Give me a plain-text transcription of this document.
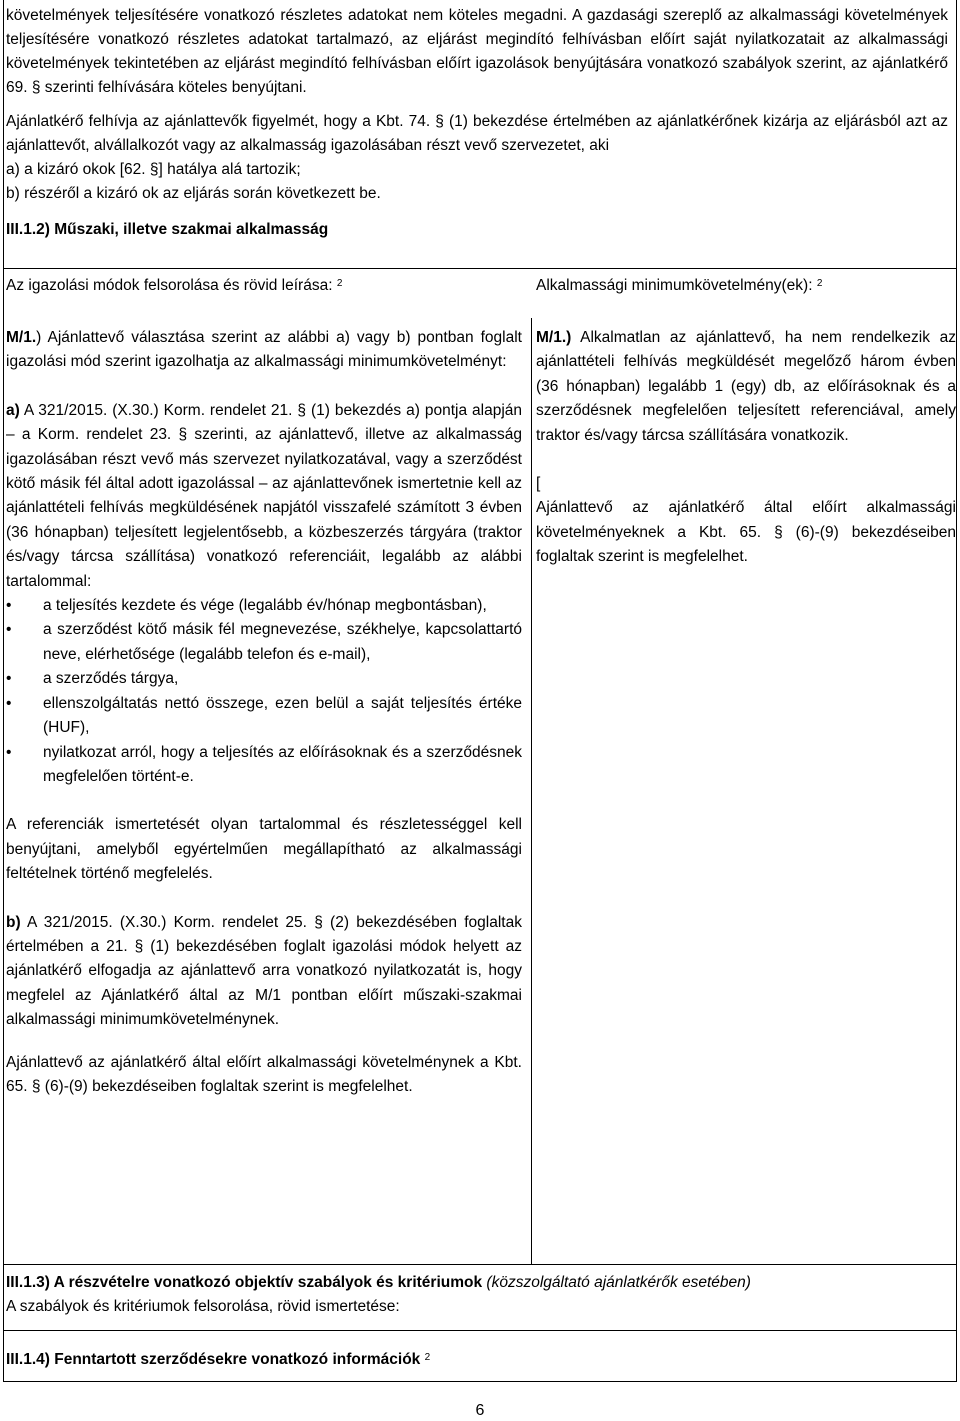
követelmények teljesítésére vonatkozó részletes adatokat nem köteles megadni. A gazdasági szereplő az alkalmassági követelmények teljesítésére vonatkozó részletes adatokat tartalmazó, az eljárást megindító felhívásban előírt saját nyilatkozatait az alkalmassági követelmények tekintetében az eljárást megindító felhívásban előírt igazolások benyújtására vonatkozó szabályok szerint, az ajánlatkérő 69. § szerinti felhívására köteles benyújtani.

Ajánlatkérő felhívja az ajánlattevők figyelmét, hogy a Kbt. 74. § (1) bekezdése értelmében az ajánlatkérőnek kizárja az eljárásból azt az ajánlattevőt, alvállalkozót vagy az alkalmasság igazolásában részt vevő szervezetet, aki

a) a kizáró okok [62. §] hatálya alá tartozik;

b) részéről a kizáró ok az eljárás során következett be.

III.1.2) Műszaki, illetve szakmai alkalmasság

Az igazolási módok felsorolása és rövid leírása: $^2$	Alkalmassági minimumkövetelmény(ek): $^2$

M/1.) Ajánlattevő választása szerint az alábbi a) vagy b) pontban foglalt igazolási mód szerint igazolhatja az alkalmassági minimumkövetelményt:

a) A 321/2015. (X.30.) Korm. rendelet 21. § (1) bekezdés a) pontja alapján – a Korm. rendelet 23. § szerinti, az ajánlattevő, illetve az alkalmasság igazolásában részt vevő más szervezet nyilatkozatával, vagy a szerződést kötő másik fél által adott igazolással – az ajánlattevőnek ismertetnie kell az ajánlattételi felhívás megküldésének napjától visszafelé számított 3 évben (36 hónapban) teljesített legjelentősebb, a közbeszerzés tárgyára (traktor és/vagy tárcsa szállítása) vonatkozó referenciáit, legalább az alábbi tartalommal:

• a teljesítés kezdete és vége (legalább év/hónap megbontásban),
• a szerződést kötő másik fél megnevezése, székhelye, kapcsolattartó neve, elérhetősége (legalább telefon és e-mail),
• a szerződés tárgya,
• ellenszolgáltatás nettó összege, ezen belül a saját teljesítés értéke (HUF),
• nyilatkozat arról, hogy a teljesítés az előírásoknak és a szerződésnek megfelelően történt-e.

A referenciák ismertetését olyan tartalommal és részletességgel kell benyújtani, amelyből egyértelműen megállapítható az alkalmassági feltételnek történő megfelelés.

b) A 321/2015. (X.30.) Korm. rendelet 25. § (2) bekezdésében foglaltak értelmében a 21. § (1) bekezdésében foglalt igazolási módok helyett az ajánlatkérő elfogadja az ajánlattevő arra vonatkozó nyilatkozatát is, hogy megfelel az Ajánlatkérő által az M/1 pontban előírt műszaki-szakmai alkalmassági minimumkövetelménynek.

Ajánlattevő az ajánlatkérő által előírt alkalmassági követelménynek a Kbt. 65. § (6)-(9) bekezdéseiben foglaltak szerint is megfelelhet.

M/1.) Alkalmatlan az ajánlattevő, ha nem rendelkezik az ajánlattételi felhívás megküldését megelőző három évben (36 hónapban) legalább 1 (egy) db, az előírásoknak és a szerződésnek megfelelően teljesített referenciával, amely traktor és/vagy tárcsa szállítására vonatkozik.

[

Ajánlattevő az ajánlatkérő által előírt alkalmassági követelményeknek a Kbt. 65. § (6)-(9) bekezdéseiben foglaltak szerint is megfelelhet.

III.1.3) A részvételre vonatkozó objektív szabályok és kritériumok (közszolgáltató ajánlatkérők esetében)

A szabályok és kritériumok felsorolása, rövid ismertetése:

III.1.4) Fenntartott szerződésekre vonatkozó információk $^2$
6
